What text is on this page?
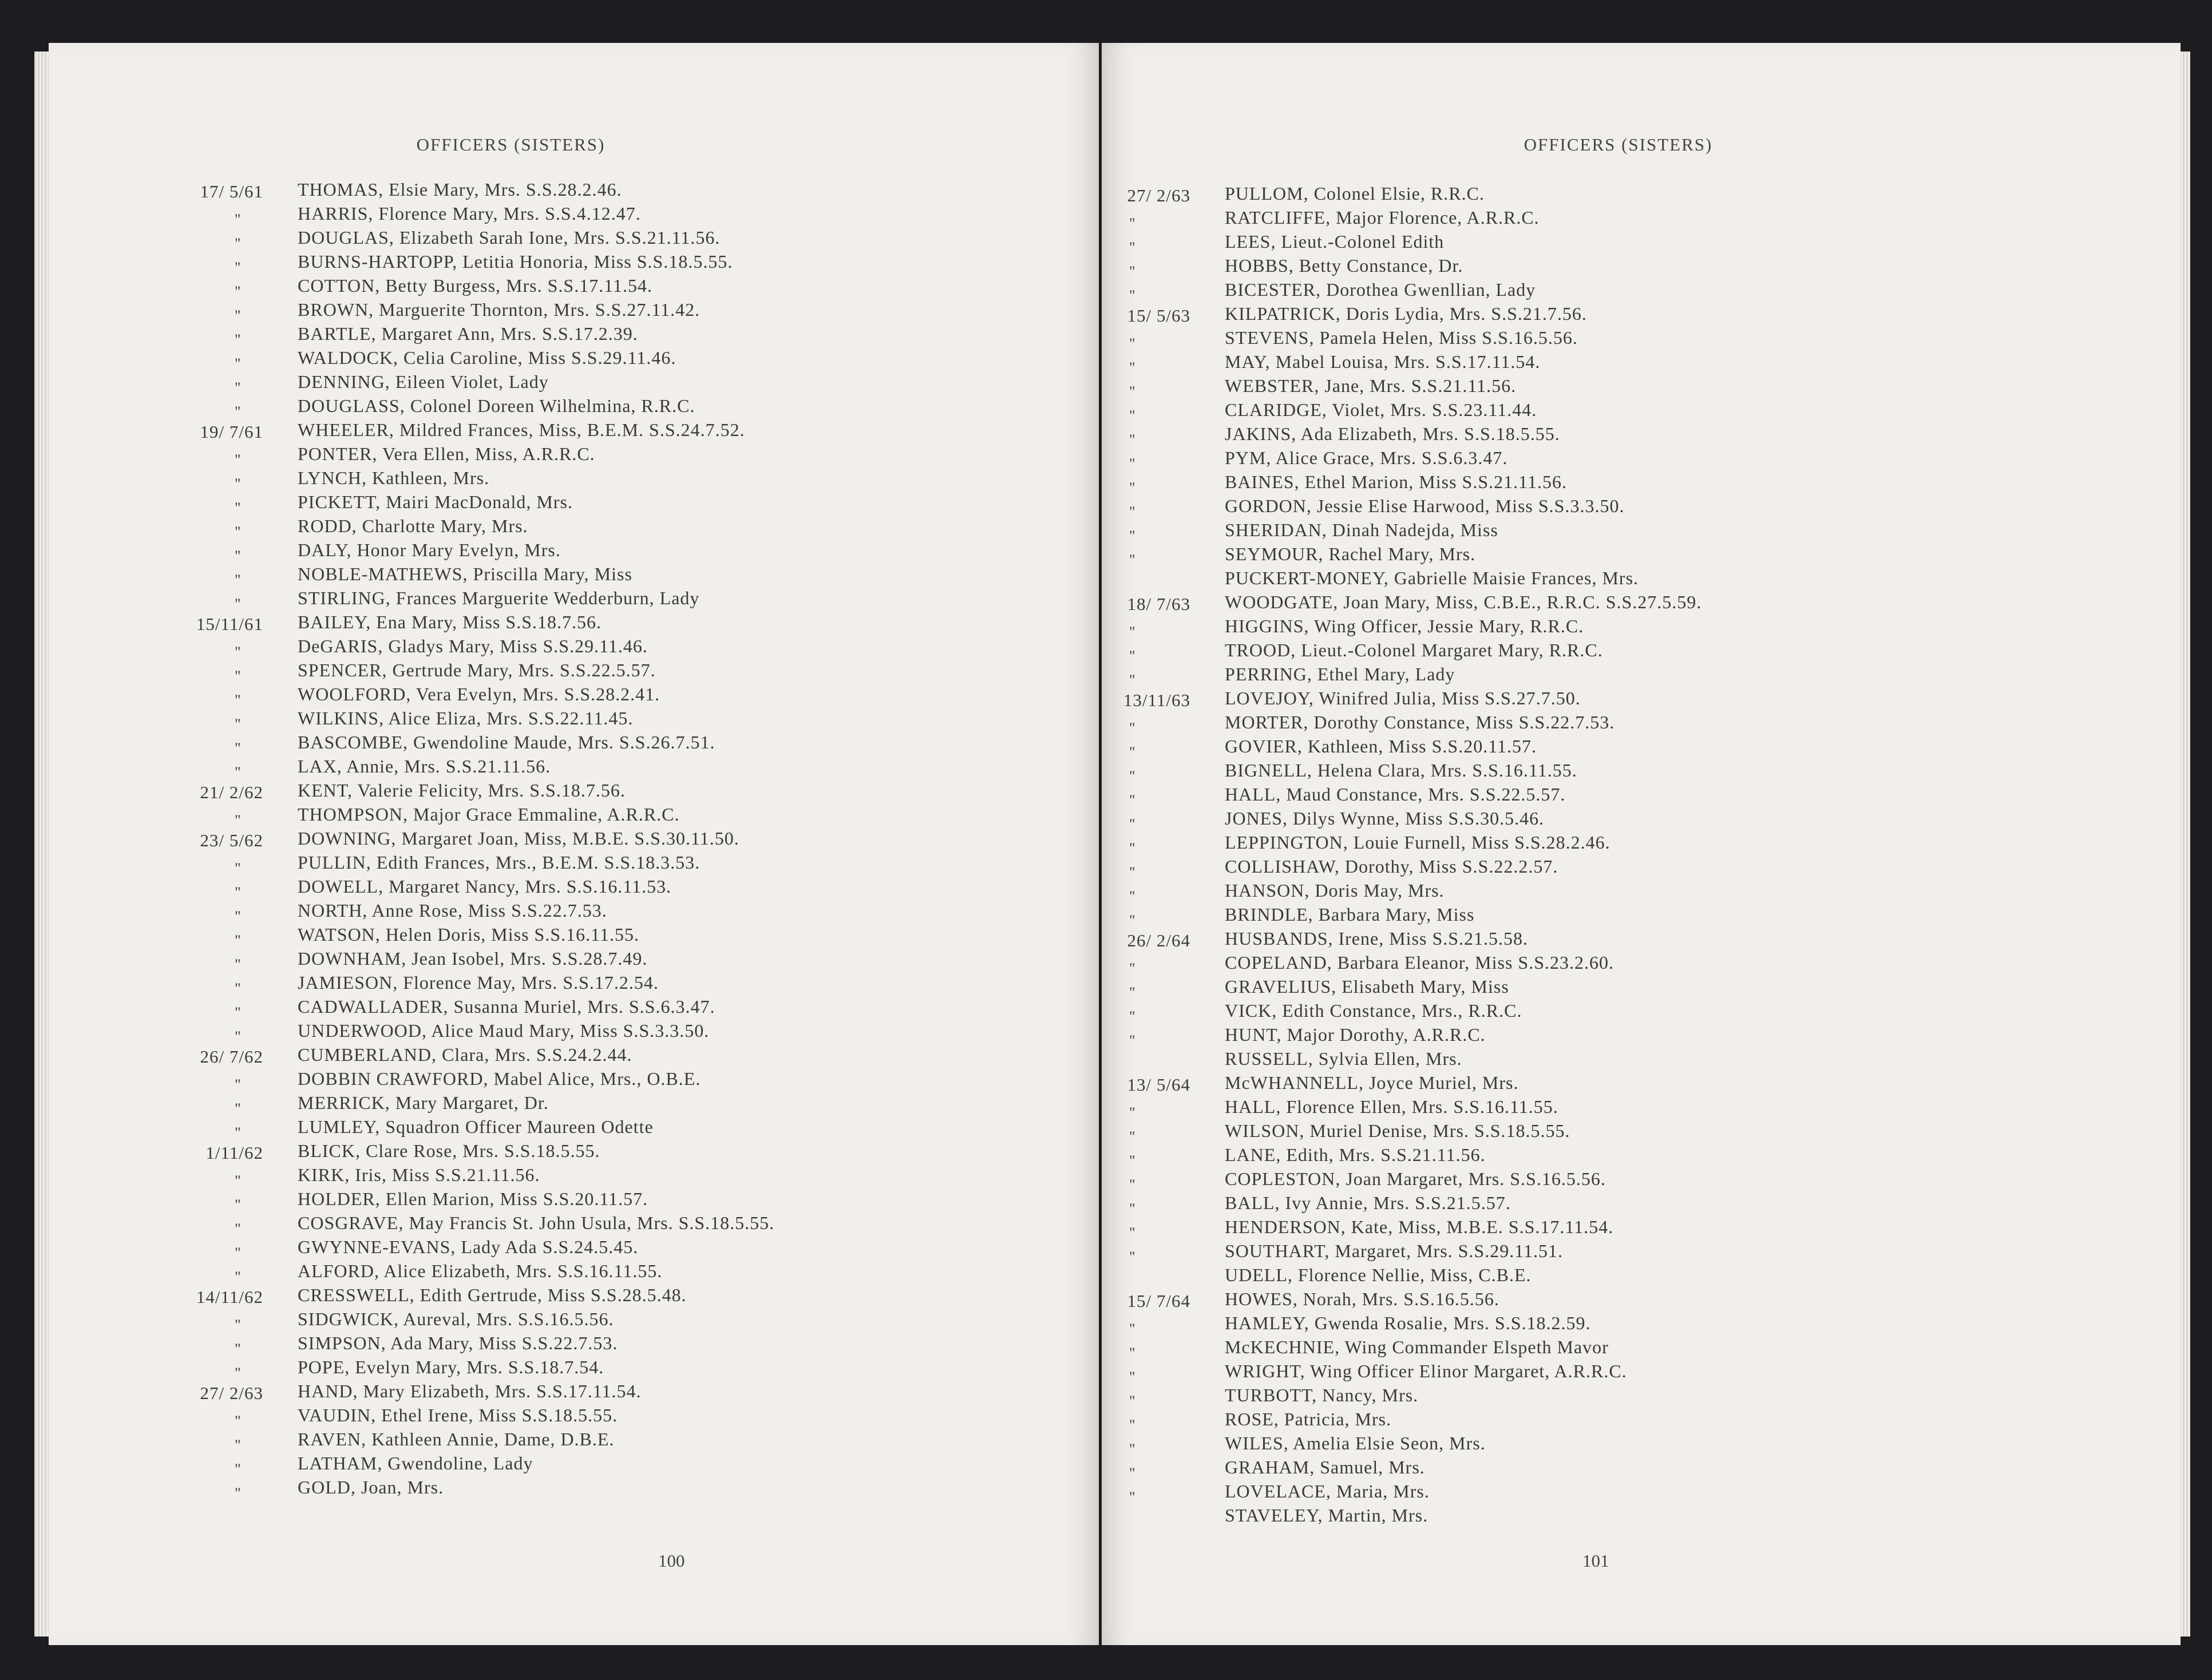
OFFICERS (SISTERS)
17/ 5/61 THOMAS, Elsie Mary, Mrs. S.S.28.2.46.
"	HARRIS, Florence Mary, Mrs. S.S.4.12.47.
"	DOUGLAS, Elizabeth Sarah Ione, Mrs. S.S.21.11.56.
"	BURNS-HARTOPP, Letitia Honoria, Miss S.S.18.5.55.
"	COTTON, Betty Burgess, Mrs. S.S.17.11.54.
"	BROWN, Marguerite Thornton, Mrs. S.S.27.11.42.
"	BARTLE, Margaret Ann, Mrs. S.S.17.2.39.
"	WALDOCK, Celia Caroline, Miss S.S.29.11.46.
"	DENNING, Eileen Violet, Lady
"	DOUGLASS, Colonel Doreen Wilhelmina, R.R.C.
19/ 7/61 WHEELER, Mildred Frances, Miss, B.E.M. S.S.24.7.52.
"	PONTER, Vera Ellen, Miss, A.R.R.C.
"	LYNCH, Kathleen, Mrs.
"	PICKETT, Mairi MacDonald, Mrs.
"	RODD, Charlotte Mary, Mrs.
"	DALY, Honor Mary Evelyn, Mrs.
"	NOBLE-MATHEWS, Priscilla Mary, Miss
"	STIRLING, Frances Marguerite Wedderburn, Lady
15/11/61 BAILEY, Ena Mary, Miss S.S.18.7.56.
"	DeGARIS, Gladys Mary, Miss S.S.29.11.46.
"	SPENCER, Gertrude Mary, Mrs. S.S.22.5.57.
"	WOOLFORD, Vera Evelyn, Mrs. S.S.28.2.41.
"	WILKINS, Alice Eliza, Mrs. S.S.22.11.45.
"	BASCOMBE, Gwendoline Maude, Mrs. S.S.26.7.51.
"	LAX, Annie, Mrs. S.S.21.11.56.
21/ 2/62 KENT, Valerie Felicity, Mrs. S.S.18.7.56.
"	THOMPSON, Major Grace Emmaline, A.R.R.C.
23/ 5/62 DOWNING, Margaret Joan, Miss, M.B.E. S.S.30.11.50.
"	PULLIN, Edith Frances, Mrs., B.E.M. S.S.18.3.53.
"	DOWELL, Margaret Nancy, Mrs. S.S.16.11.53.
"	NORTH, Anne Rose, Miss S.S.22.7.53.
"	WATSON, Helen Doris, Miss S.S.16.11.55.
"	DOWNHAM, Jean Isobel, Mrs. S.S.28.7.49.
"	JAMIESON, Florence May, Mrs. S.S.17.2.54.
"	CADWALLADER, Susanna Muriel, Mrs. S.S.6.3.47.
"	UNDERWOOD, Alice Maud Mary, Miss S.S.3.3.50.
26/ 7/62 CUMBERLAND, Clara, Mrs. S.S.24.2.44.
"	DOBBIN CRAWFORD, Mabel Alice, Mrs., O.B.E.
"	MERRICK, Mary Margaret, Dr.
"	LUMLEY, Squadron Officer Maureen Odette
1/11/62 BLICK, Clare Rose, Mrs. S.S.18.5.55.
"	KIRK, Iris, Miss S.S.21.11.56.
"	HOLDER, Ellen Marion, Miss S.S.20.11.57.
"	COSGRAVE, May Francis St. John Usula, Mrs. S.S.18.5.55.
"	GWYNNE-EVANS, Lady Ada S.S.24.5.45.
"	ALFORD, Alice Elizabeth, Mrs. S.S.16.11.55.
14/11/62 CRESSWELL, Edith Gertrude, Miss S.S.28.5.48.
"	SIDGWICK, Aureval, Mrs. S.S.16.5.56.
"	SIMPSON, Ada Mary, Miss S.S.22.7.53.
"	POPE, Evelyn Mary, Mrs. S.S.18.7.54.
27/ 2/63 HAND, Mary Elizabeth, Mrs. S.S.17.11.54.
"	VAUDIN, Ethel Irene, Miss S.S.18.5.55.
"	RAVEN, Kathleen Annie, Dame, D.B.E.
"	LATHAM, Gwendoline, Lady
"	GOLD, Joan, Mrs.
100
OFFICERS (SISTERS)
27/ 2/63 PULLOM, Colonel Elsie, R.R.C.
"	RATCLIFFE, Major Florence, A.R.R.C.
"	LEES, Lieut.-Colonel Edith
"	HOBBS, Betty Constance, Dr.
"	BICESTER, Dorothea Gwenllian, Lady
15/ 5/63 KILPATRICK, Doris Lydia, Mrs. S.S.21.7.56.
"	STEVENS, Pamela Helen, Miss S.S.16.5.56.
"	MAY, Mabel Louisa, Mrs. S.S.17.11.54.
"	WEBSTER, Jane, Mrs. S.S.21.11.56.
"	CLARIDGE, Violet, Mrs. S.S.23.11.44.
"	JAKINS, Ada Elizabeth, Mrs. S.S.18.5.55.
"	PYM, Alice Grace, Mrs. S.S.6.3.47.
"	BAINES, Ethel Marion, Miss S.S.21.11.56.
"	GORDON, Jessie Elise Harwood, Miss S.S.3.3.50.
"	SHERIDAN, Dinah Nadejda, Miss
"	SEYMOUR, Rachel Mary, Mrs.
PUCKERT-MONEY, Gabrielle Maisie Frances, Mrs.
18/ 7/63 WOODGATE, Joan Mary, Miss, C.B.E., R.R.C. S.S.27.5.59.
"	HIGGINS, Wing Officer, Jessie Mary, R.R.C.
"	TROOD, Lieut.-Colonel Margaret Mary, R.R.C.
"	PERRING, Ethel Mary, Lady
13/11/63 LOVEJOY, Winifred Julia, Miss S.S.27.7.50.
"	MORTER, Dorothy Constance, Miss S.S.22.7.53.
"	GOVIER, Kathleen, Miss S.S.20.11.57.
"	BIGNELL, Helena Clara, Mrs. S.S.16.11.55.
"	HALL, Maud Constance, Mrs. S.S.22.5.57.
"	JONES, Dilys Wynne, Miss S.S.30.5.46.
"	LEPPINGTON, Louie Furnell, Miss S.S.28.2.46.
"	COLLISHAW, Dorothy, Miss S.S.22.2.57.
"	HANSON, Doris May, Mrs.
"	BRINDLE, Barbara Mary, Miss
26/ 2/64 HUSBANDS, Irene, Miss S.S.21.5.58.
"	COPELAND, Barbara Eleanor, Miss S.S.23.2.60.
"	GRAVELIUS, Elisabeth Mary, Miss
"	VICK, Edith Constance, Mrs., R.R.C.
"	HUNT, Major Dorothy, A.R.R.C.
RUSSELL, Sylvia Ellen, Mrs.
13/ 5/64 McWHANNELL, Joyce Muriel, Mrs.
"	HALL, Florence Ellen, Mrs. S.S.16.11.55.
"	WILSON, Muriel Denise, Mrs. S.S.18.5.55.
"	LANE, Edith, Mrs. S.S.21.11.56.
"	COPLESTON, Joan Margaret, Mrs. S.S.16.5.56.
"	BALL, Ivy Annie, Mrs. S.S.21.5.57.
"	HENDERSON, Kate, Miss, M.B.E. S.S.17.11.54.
"	SOUTHART, Margaret, Mrs. S.S.29.11.51.
UDELL, Florence Nellie, Miss, C.B.E.
15/ 7/64 HOWES, Norah, Mrs. S.S.16.5.56.
"	HAMLEY, Gwenda Rosalie, Mrs. S.S.18.2.59.
"	McKECHNIE, Wing Commander Elspeth Mavor
"	WRIGHT, Wing Officer Elinor Margaret, A.R.R.C.
"	TURBOTT, Nancy, Mrs.
"	ROSE, Patricia, Mrs.
"	WILES, Amelia Elsie Seon, Mrs.
"	GRAHAM, Samuel, Mrs.
"	LOVELACE, Maria, Mrs.
STAVELEY, Martin, Mrs.
101
